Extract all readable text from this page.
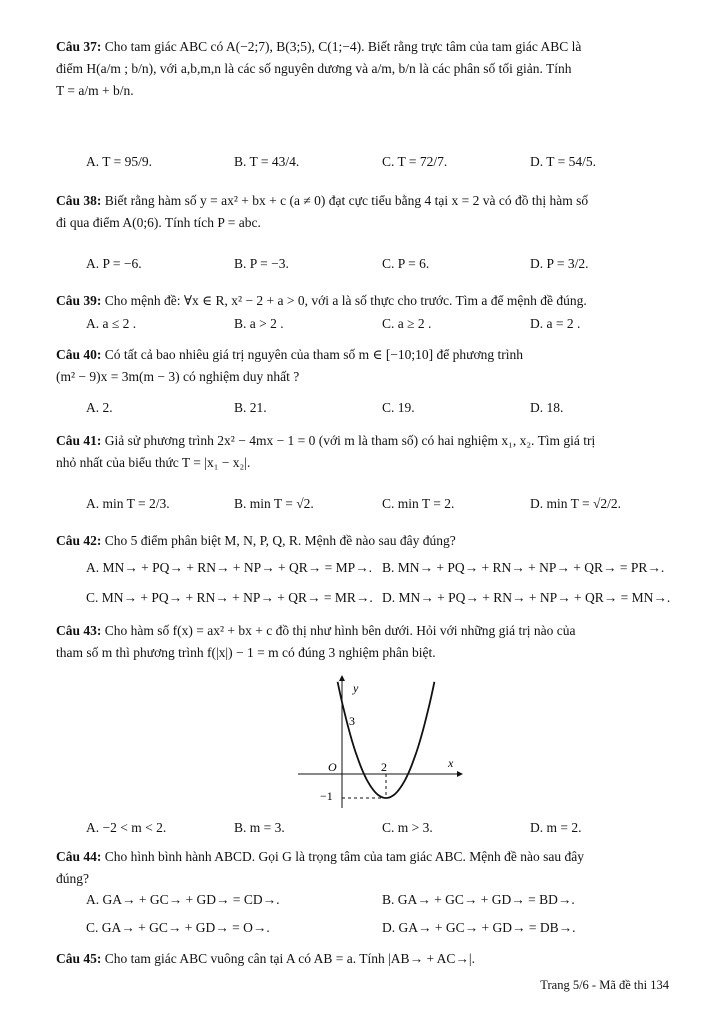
Câu 37: Cho tam giác ABC có A(−2;7), B(3;5), C(1;−4). Biết rằng trực tâm của tam giác ABC là
điểm H(a/m ; b/n), với a,b,m,n là các số nguyên dương và a/m, b/n là các phân số tối giản. Tính
T = a/m + b/n.
A. T = 95/9.	B. T = 43/4.	C. T = 72/7.	D. T = 54/5.
Câu 38: Biết rằng hàm số y = ax² + bx + c (a ≠ 0) đạt cực tiểu bằng 4 tại x = 2 và có đồ thị hàm số
đi qua điểm A(0;6). Tính tích P = abc.
A. P = −6.	B. P = −3.	C. P = 6.	D. P = 3/2.
Câu 39: Cho mệnh đề: ∀x ∈ R, x² − 2 + a > 0, với a là số thực cho trước. Tìm a để mệnh đề đúng.
A. a ≤ 2 .	B. a > 2 .	C. a ≥ 2 .	D. a = 2 .
Câu 40: Có tất cả bao nhiêu giá trị nguyên của tham số m ∈ [−10;10] để phương trình
(m² − 9)x = 3m(m − 3) có nghiệm duy nhất ?
A. 2.	B. 21.	C. 19.	D. 18.
Câu 41: Giả sử phương trình 2x² − 4mx − 1 = 0 (với m là tham số) có hai nghiệm x₁, x₂. Tìm giá trị
nhỏ nhất của biểu thức T = |x₁ − x₂|.
A. min T = 2/3.	B. min T = √2.	C. min T = 2.	D. min T = √2/2.
Câu 42: Cho 5 điểm phân biệt M, N, P, Q, R. Mệnh đề nào sau đây đúng?
A. MN→ + PQ→ + RN→ + NP→ + QR→ = MP→. B. MN→ + PQ→ + RN→ + NP→ + QR→ = PR→.
C. MN→ + PQ→ + RN→ + NP→ + QR→ = MR→. D. MN→ + PQ→ + RN→ + NP→ + QR→ = MN→.
Câu 43: Cho hàm số f(x) = ax² + bx + c đồ thị như hình bên dưới. Hỏi với những giá trị nào của
tham số m thì phương trình f(|x|) − 1 = m có đúng 3 nghiệm phân biệt.
y
x
O
3
2
−1
A. −2 < m < 2.	B. m = 3.	C. m > 3.	D. m = 2.
Câu 44: Cho hình bình hành ABCD. Gọi G là trọng tâm của tam giác ABC. Mệnh đề nào sau đây
đúng?
A. GA→ + GC→ + GD→ = CD→.	B. GA→ + GC→ + GD→ = BD→.
C. GA→ + GC→ + GD→ = O→.	D. GA→ + GC→ + GD→ = DB→.
Câu 45: Cho tam giác ABC vuông cân tại A có AB = a. Tính |AB→ + AC→|.
Trang 5/6 - Mã đề thi 134
